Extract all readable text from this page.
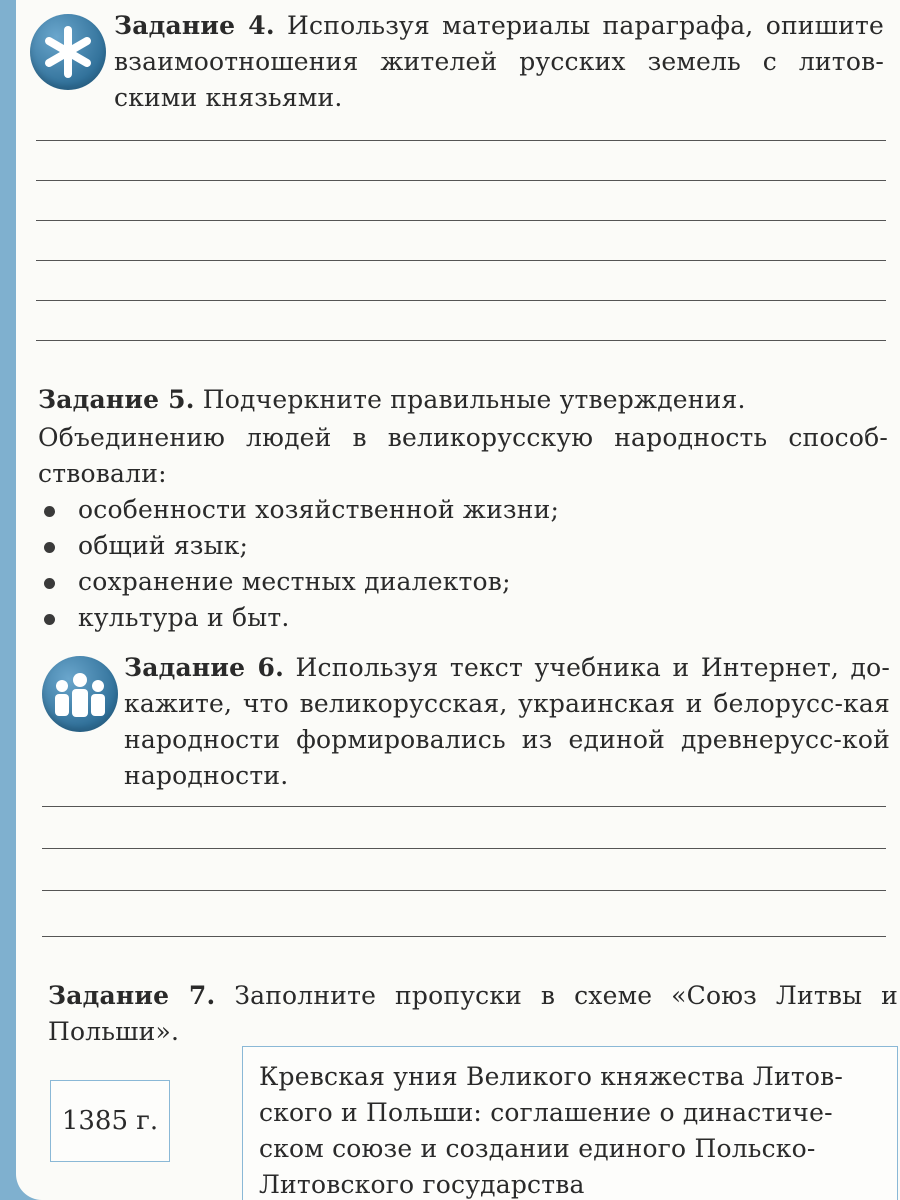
Задание 4. Используя материалы параграфа, опишите взаимоотношения жителей русских земель с литов-скими князьями.
Задание 5. Подчеркните правильные утверждения.
Объединению людей в великорусскую народность способ-ствовали:
особенности хозяйственной жизни;
общий язык;
сохранение местных диалектов;
культура и быт.
Задание 6. Используя текст учебника и Интернет, до-кажите, что великорусская, украинская и белорусс-кая народности формировались из единой древнерусс-кой народности.
Задание 7. Заполните пропуски в схеме «Союз Литвы и Польши».
1385 г.
Кревская уния Великого княжества Литов-ского и Польши: соглашение о династиче-ском союзе и создании единого Польско-Литовского государства
